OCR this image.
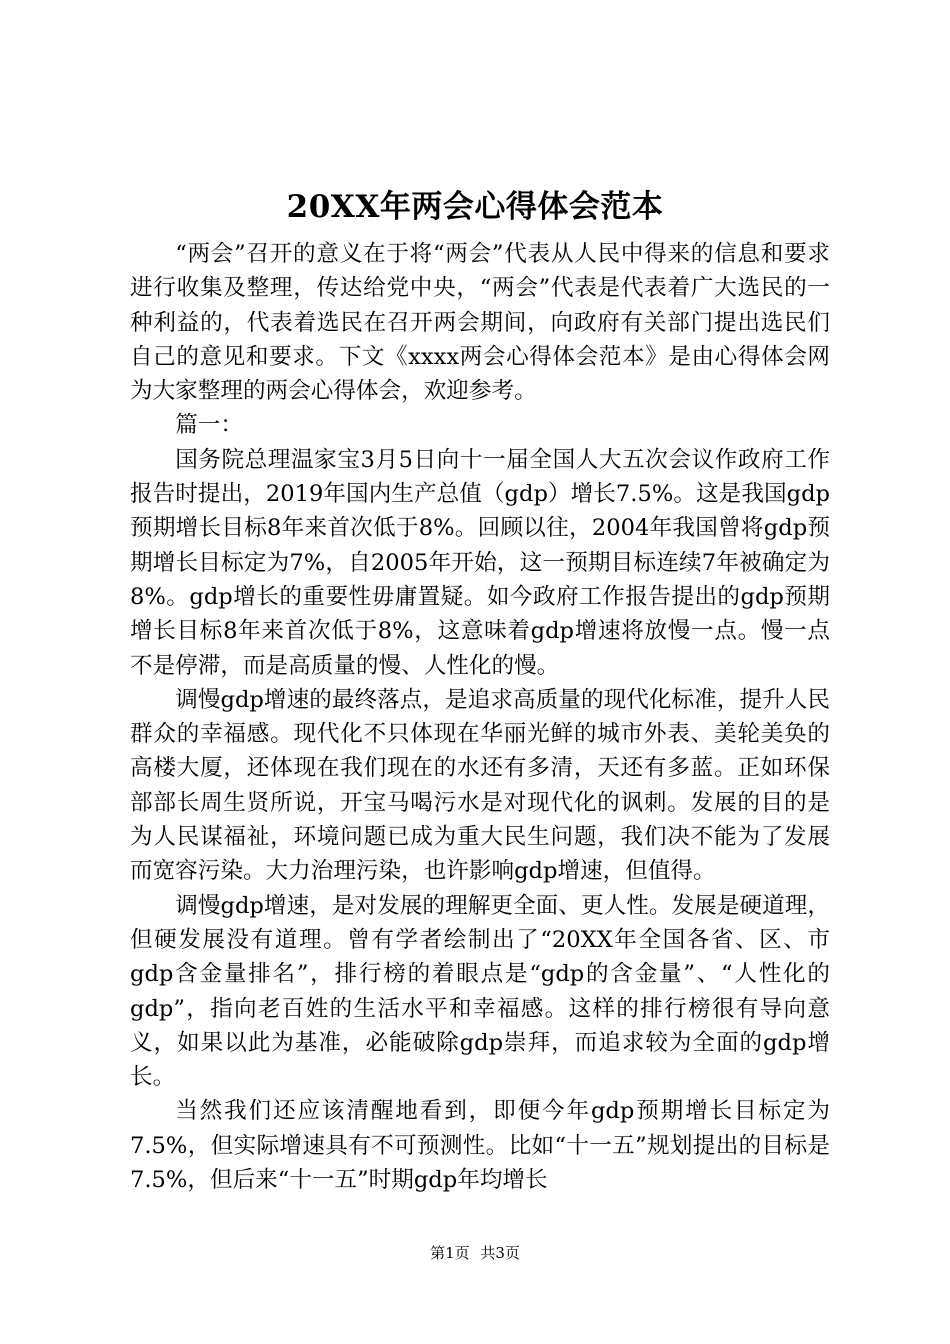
20XX年两会心得体会范本

“两会”召开的意义在于将“两会”代表从人民中得来的信息和要求进行收集及整理，传达给党中央，“两会”代表是代表着广大选民的一种利益的，代表着选民在召开两会期间，向政府有关部门提出选民们自己的意见和要求。下文《xxxx两会心得体会范本》是由心得体会网为大家整理的两会心得体会，欢迎参考。

篇一：

国务院总理温家宝3月5日向十一届全国人大五次会议作政府工作报告时提出，2019年国内生产总值（gdp）增长7.5%。这是我国gdp预期增长目标8年来首次低于8%。回顾以往，2004年我国曾将gdp预期增长目标定为7%，自2005年开始，这一预期目标连续7年被确定为8%。gdp增长的重要性毋庸置疑。如今政府工作报告提出的gdp预期增长目标8年来首次低于8%，这意味着gdp增速将放慢一点。慢一点不是停滞，而是高质量的慢、人性化的慢。

调慢gdp增速的最终落点，是追求高质量的现代化标准，提升人民群众的幸福感。现代化不只体现在华丽光鲜的城市外表、美轮美奂的高楼大厦，还体现在我们现在的水还有多清，天还有多蓝。正如环保部部长周生贤所说，开宝马喝污水是对现代化的讽刺。发展的目的是为人民谋福祉，环境问题已成为重大民生问题，我们决不能为了发展而宽容污染。大力治理污染，也许影响gdp增速，但值得。

调慢gdp增速，是对发展的理解更全面、更人性。发展是硬道理，但硬发展没有道理。曾有学者绘制出了“20XX年全国各省、区、市gdp含金量排名”，排行榜的着眼点是“gdp的含金量”、“人性化的gdp”，指向老百姓的生活水平和幸福感。这样的排行榜很有导向意义，如果以此为基准，必能破除gdp崇拜，而追求较为全面的gdp增长。

当然我们还应该清醒地看到，即便今年gdp预期增长目标定为7.5%，但实际增速具有不可预测性。比如“十一五”规划提出的目标是7.5%，但后来“十一五”时期gdp年均增长

第1页 共3页
